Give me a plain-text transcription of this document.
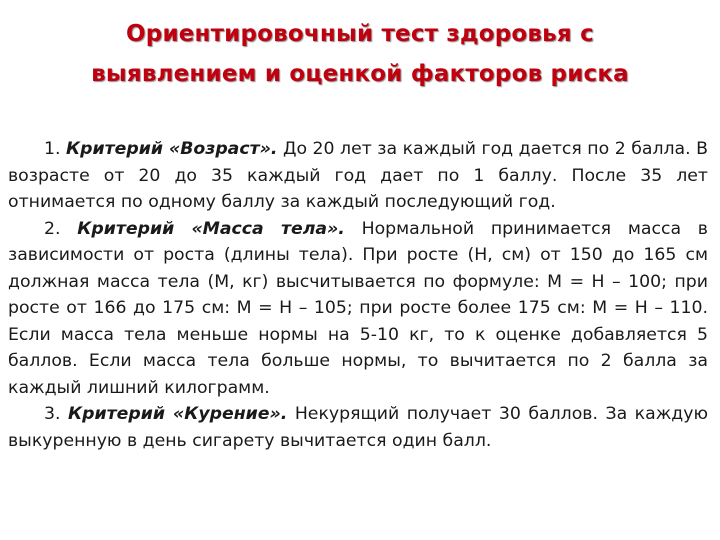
Ориентировочный тест здоровья с
выявлением и оценкой факторов риска

1. Критерий «Возраст». До 20 лет за каждый год дается по 2 балла. В возрасте от 20 до 35 каждый год дает по 1 баллу. После 35 лет отнимается по одному баллу за каждый последующий год.

2. Критерий «Масса тела». Нормальной принимается масса в зависимости от роста (длины тела). При росте (Н, см) от 150 до 165 см должная масса тела (М, кг) высчитывается по формуле: М = Н – 100; при росте от 166 до 175 см: М = Н – 105; при росте более 175 см: М = Н – 110. Если масса тела меньше нормы на 5-10 кг, то к оценке добавляется 5 баллов. Если масса тела больше нормы, то вычитается по 2 балла за каждый лишний килограмм.

3. Критерий «Курение». Некурящий получает 30 баллов. За каждую выкуренную в день сигарету вычитается один балл.
